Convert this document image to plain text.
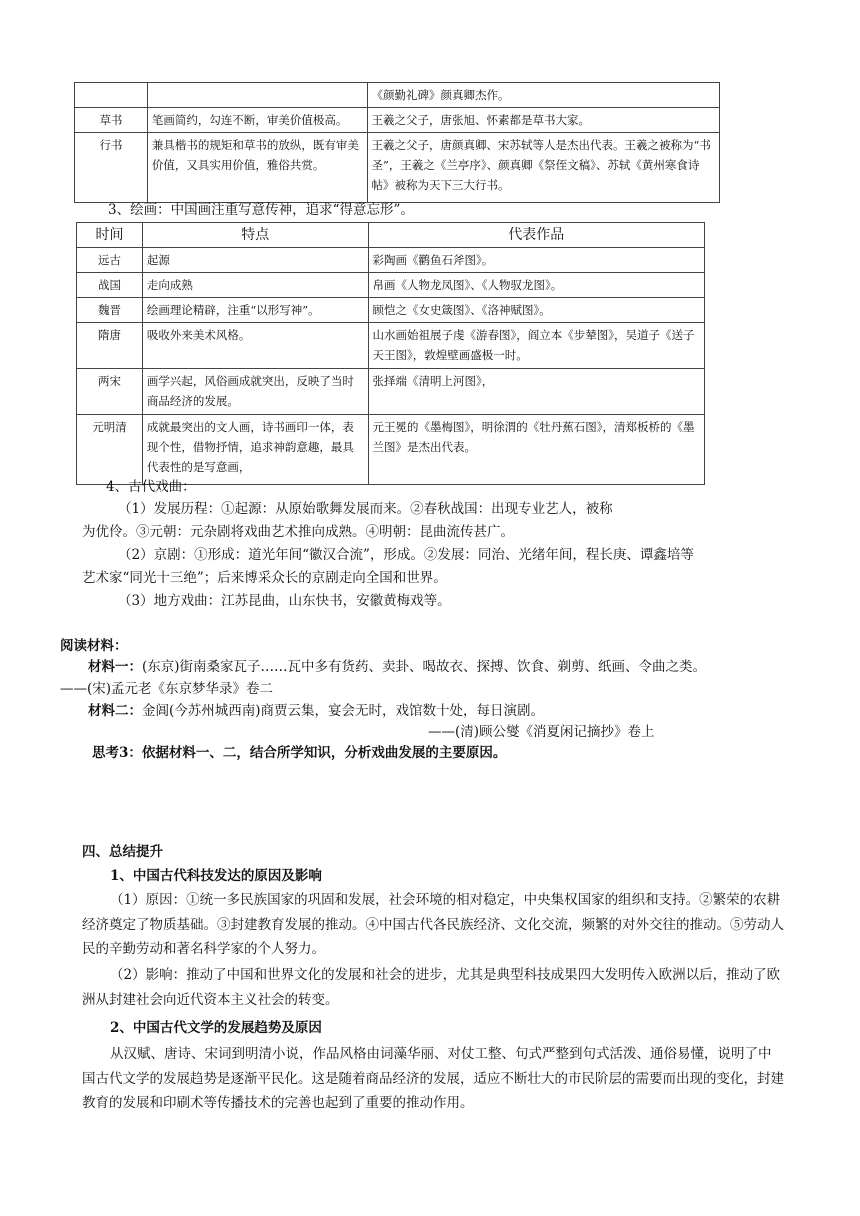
		《颜勤礼碑》颜真卿杰作。
草书	笔画简约，勾连不断，审美价值极高。	王羲之父子，唐张旭、怀素都是草书大家。
行书	兼具楷书的规矩和草书的放纵，既有审美价值，又具实用价值，雅俗共赏。	王羲之父子，唐颜真卿、宋苏轼等人是杰出代表。王羲之被称为“书圣”，王羲之《兰亭序》、颜真卿《祭侄文稿》、苏轼《黄州寒食诗帖》被称为天下三大行书。
3、绘画：中国画注重写意传神，追求“得意忘形”。
时间	特点	代表作品
远古	起源	彩陶画《鹳鱼石斧图》。
战国	走向成熟	帛画《人物龙凤图》、《人物驭龙图》。
魏晋	绘画理论精辟，注重“以形写神”。	顾恺之《女史箴图》、《洛神赋图》。
隋唐	吸收外来美术风格。	山水画始祖展子虔《游春图》，阎立本《步辇图》，吴道子《送子天王图》，敦煌壁画盛极一时。
两宋	画学兴起，风俗画成就突出，反映了当时商品经济的发展。	张择端《清明上河图》，
元明清	成就最突出的文人画，诗书画印一体，表现个性，借物抒情，追求神韵意趣，最具代表性的是写意画，	元王冕的《墨梅图》，明徐渭的《牡丹蕉石图》，清郑板桥的《墨兰图》是杰出代表。
4、古代戏曲：
（1）发展历程：①起源：从原始歌舞发展而来。②春秋战国：出现专业艺人，被称
为优伶。③元朝：元杂剧将戏曲艺术推向成熟。④明朝：昆曲流传甚广。
（2）京剧：①形成：道光年间“徽汉合流”，形成。②发展：同治、光绪年间，程长庚、谭鑫培等
艺术家“同光十三绝”；后来博采众长的京剧走向全国和世界。
（3）地方戏曲：江苏昆曲，山东快书，安徽黄梅戏等。
阅读材料：
材料一：(东京)街南桑家瓦子……瓦中多有货药、卖卦、喝故衣、探搏、饮食、剃剪、纸画、令曲之类。
——(宋)孟元老《东京梦华录》卷二
材料二：金阊(今苏州城西南)商贾云集，宴会无时，戏馆数十处，每日演剧。
——(清)顾公燮《消夏闲记摘抄》卷上
思考3：依据材料一、二，结合所学知识，分析戏曲发展的主要原因。
四、总结提升
1、中国古代科技发达的原因及影响
（1）原因：①统一多民族国家的巩固和发展，社会环境的相对稳定，中央集权国家的组织和支持。②繁荣的农耕经济奠定了物质基础。③封建教育发展的推动。④中国古代各民族经济、文化交流，频繁的对外交往的推动。⑤劳动人民的辛勤劳动和著名科学家的个人努力。
（2）影响：推动了中国和世界文化的发展和社会的进步，尤其是典型科技成果四大发明传入欧洲以后，推动了欧洲从封建社会向近代资本主义社会的转变。
2、中国古代文学的发展趋势及原因
从汉赋、唐诗、宋词到明清小说，作品风格由词藻华丽、对仗工整、句式严整到句式活泼、通俗易懂，说明了中国古代文学的发展趋势是逐渐平民化。这是随着商品经济的发展，适应不断壮大的市民阶层的需要而出现的变化，封建教育的发展和印刷术等传播技术的完善也起到了重要的推动作用。
